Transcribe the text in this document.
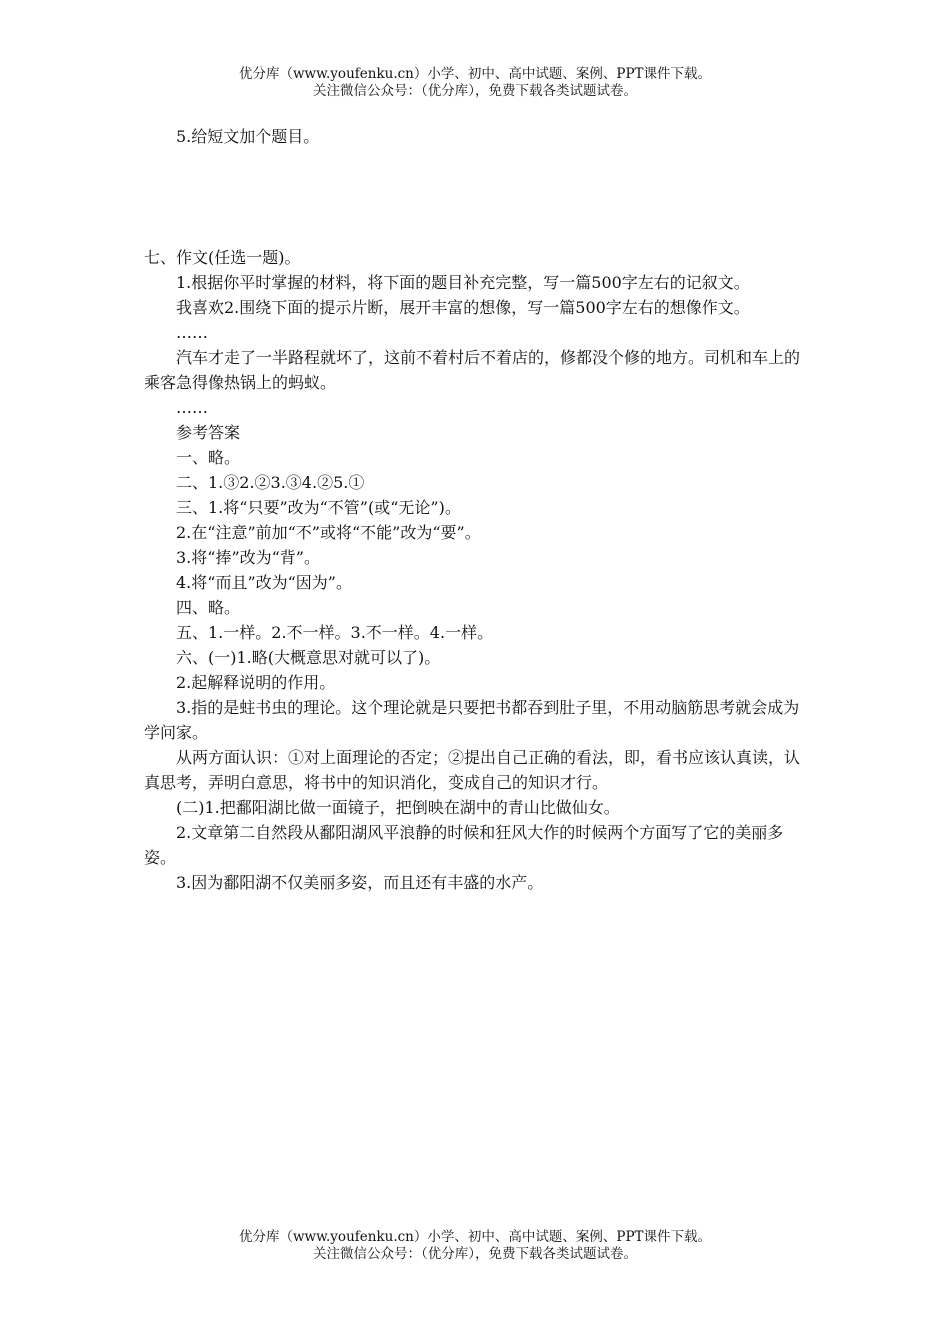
优分库（www.youfenku.cn）小学、初中、高中试题、案例、PPT课件下载。
关注微信公众号：（优分库），免费下载各类试题试卷。

5.给短文加个题目。

七、作文(任选一题)。

1.根据你平时掌握的材料，将下面的题目补充完整，写一篇500字左右的记叙文。

我喜欢2.围绕下面的提示片断，展开丰富的想像，写一篇500字左右的想像作文。

……

汽车才走了一半路程就坏了，这前不着村后不着店的，修都没个修的地方。司机和车上的乘客急得像热锅上的蚂蚁。

……

参考答案

一、略。

二、1.③2.②3.③4.②5.①

三、1.将“只要”改为“不管”(或“无论”)。

2.在“注意”前加“不”或将“不能”改为“要”。

3.将“捧”改为“背”。

4.将“而且”改为“因为”。

四、略。

五、1.一样。2.不一样。3.不一样。4.一样。

六、(一)1.略(大概意思对就可以了)。

2.起解释说明的作用。

3.指的是蛀书虫的理论。这个理论就是只要把书都吞到肚子里，不用动脑筋思考就会成为学问家。

从两方面认识：①对上面理论的否定；②提出自己正确的看法，即，看书应该认真读，认真思考，弄明白意思，将书中的知识消化，变成自己的知识才行。

(二)1.把鄱阳湖比做一面镜子，把倒映在湖中的青山比做仙女。

2.文章第二自然段从鄱阳湖风平浪静的时候和狂风大作的时候两个方面写了它的美丽多姿。

3.因为鄱阳湖不仅美丽多姿，而且还有丰盛的水产。

优分库（www.youfenku.cn）小学、初中、高中试题、案例、PPT课件下载。
关注微信公众号：（优分库），免费下载各类试题试卷。
